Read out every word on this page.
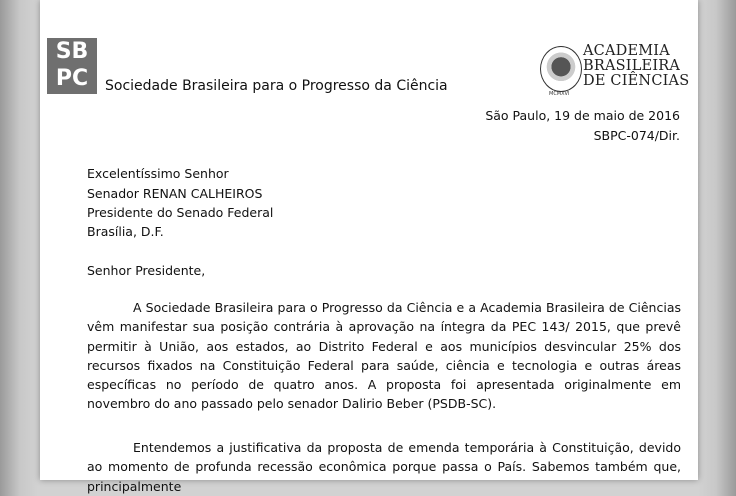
SB
PC	Sociedade Brasileira para o Progresso da Ciência	MCMXVI
ACADEMIA
BRASILEIRA
DE CIÊNCIAS
São Paulo, 19 de maio de 2016
SBPC-074/Dir.
Excelentíssimo Senhor
Senador RENAN CALHEIROS
Presidente do Senado Federal
Brasília, D.F.
Senhor Presidente,
A Sociedade Brasileira para o Progresso da Ciência e a Academia Brasileira de Ciências vêm manifestar sua posição contrária à aprovação na íntegra da PEC 143/ 2015, que prevê permitir à União, aos estados, ao Distrito Federal e aos municípios desvincular 25% dos recursos fixados na Constituição Federal para saúde, ciência e tecnologia e outras áreas específicas no período de quatro anos. A proposta foi apresentada originalmente em novembro do ano passado pelo senador Dalirio Beber (PSDB-SC).
Entendemos a justificativa da proposta de emenda temporária à Constituição, devido ao momento de profunda recessão econômica porque passa o País. Sabemos também que, principalmente
